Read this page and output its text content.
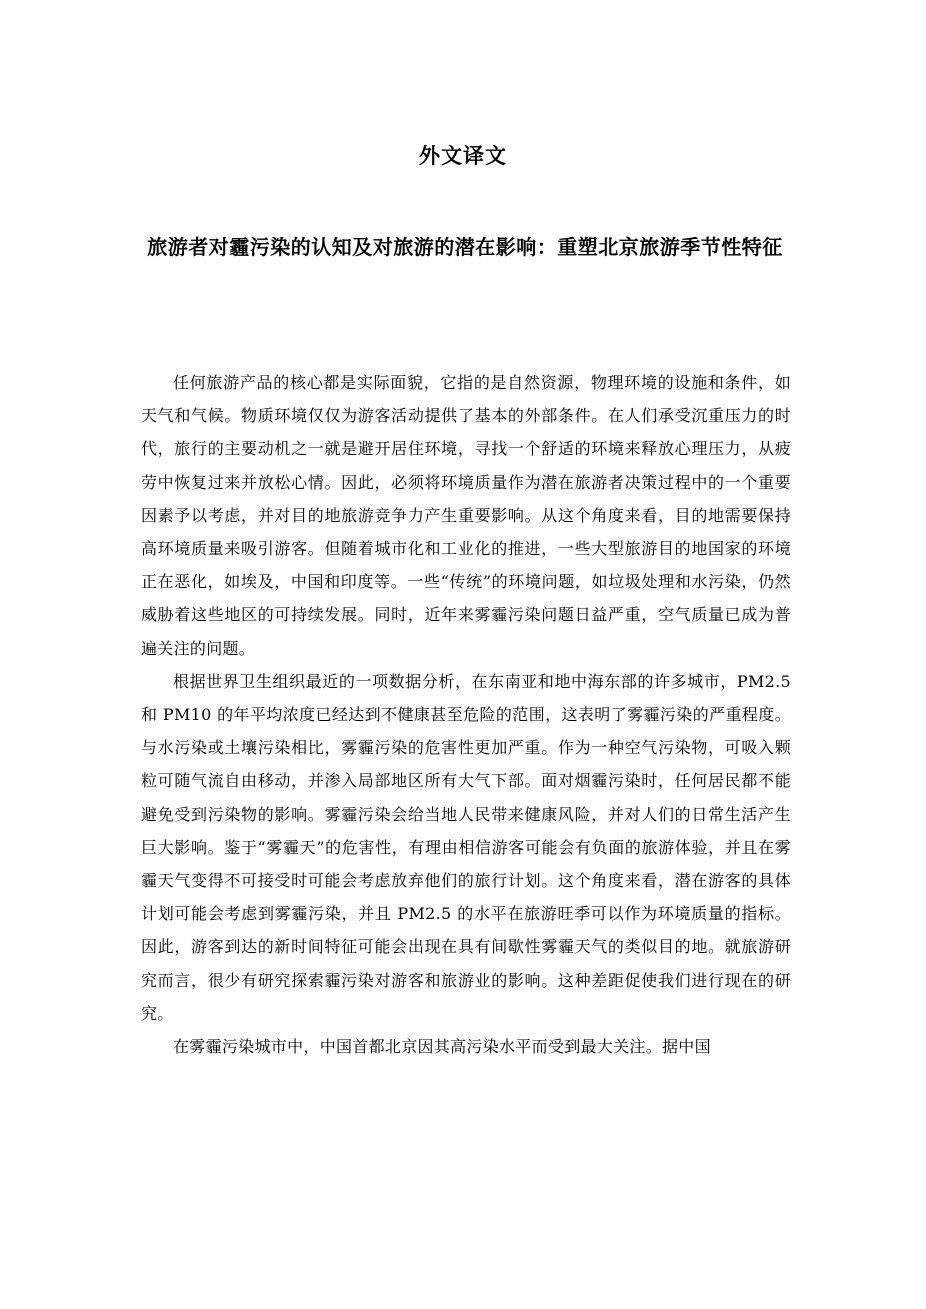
外文译文
旅游者对霾污染的认知及对旅游的潜在影响：重塑北京旅游季节性特征

任何旅游产品的核心都是实际面貌，它指的是自然资源，物理环境的设施和条件，如天气和气候。物质环境仅仅为游客活动提供了基本的外部条件。在人们承受沉重压力的时代，旅行的主要动机之一就是避开居住环境，寻找一个舒适的环境来释放心理压力，从疲劳中恢复过来并放松心情。因此，必须将环境质量作为潜在旅游者决策过程中的一个重要因素予以考虑，并对目的地旅游竞争力产生重要影响。从这个角度来看，目的地需要保持高环境质量来吸引游客。但随着城市化和工业化的推进，一些大型旅游目的地国家的环境正在恶化，如埃及，中国和印度等。一些“传统”的环境问题，如垃圾处理和水污染，仍然威胁着这些地区的可持续发展。同时，近年来雾霾污染问题日益严重，空气质量已成为普遍关注的问题。

根据世界卫生组织最近的一项数据分析，在东南亚和地中海东部的许多城市，PM2.5 和 PM10 的年平均浓度已经达到不健康甚至危险的范围，这表明了雾霾污染的严重程度。与水污染或土壤污染相比，雾霾污染的危害性更加严重。作为一种空气污染物，可吸入颗粒可随气流自由移动，并渗入局部地区所有大气下部。面对烟霾污染时，任何居民都不能避免受到污染物的影响。雾霾污染会给当地人民带来健康风险，并对人们的日常生活产生巨大影响。鉴于“雾霾天”的危害性，有理由相信游客可能会有负面的旅游体验，并且在雾霾天气变得不可接受时可能会考虑放弃他们的旅行计划。这个角度来看，潜在游客的具体计划可能会考虑到雾霾污染，并且 PM2.5 的水平在旅游旺季可以作为环境质量的指标。因此，游客到达的新时间特征可能会出现在具有间歇性雾霾天气的类似目的地。就旅游研究而言，很少有研究探索霾污染对游客和旅游业的影响。这种差距促使我们进行现在的研究。

在雾霾污染城市中，中国首都北京因其高污染水平而受到最大关注。据中国
